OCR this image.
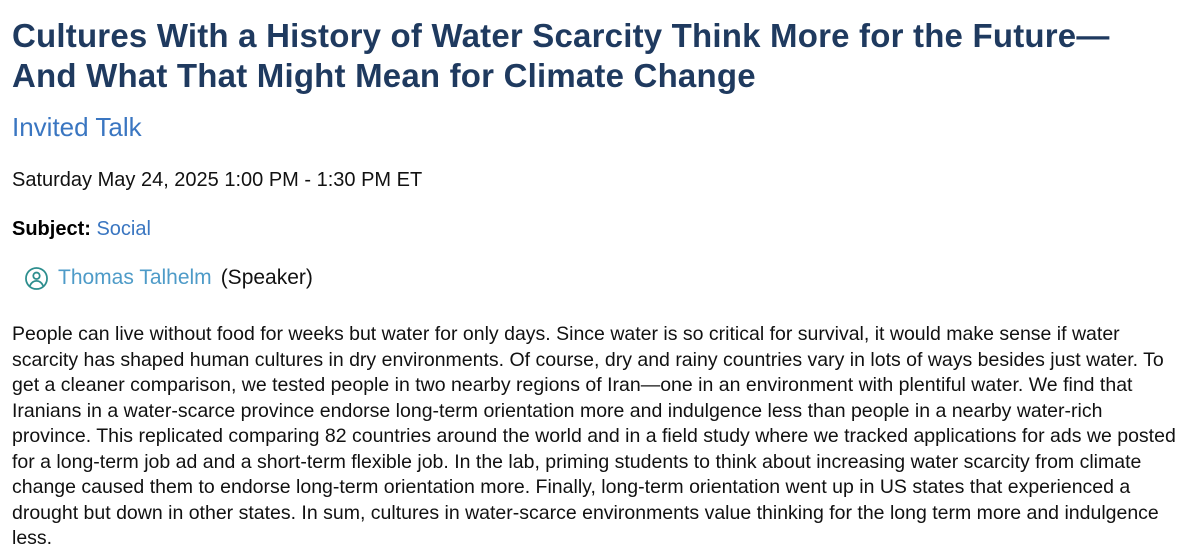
Cultures With a History of Water Scarcity Think More for the Future—And What That Might Mean for Climate Change
Invited Talk
Saturday May 24, 2025 1:00 PM - 1:30 PM ET
Subject: Social
Thomas Talhelm (Speaker)
People can live without food for weeks but water for only days. Since water is so critical for survival, it would make sense if water scarcity has shaped human cultures in dry environments. Of course, dry and rainy countries vary in lots of ways besides just water. To get a cleaner comparison, we tested people in two nearby regions of Iran—one in an environment with plentiful water. We find that Iranians in a water-scarce province endorse long-term orientation more and indulgence less than people in a nearby water-rich province. This replicated comparing 82 countries around the world and in a field study where we tracked applications for ads we posted for a long-term job ad and a short-term flexible job. In the lab, priming students to think about increasing water scarcity from climate change caused them to endorse long-term orientation more. Finally, long-term orientation went up in US states that experienced a drought but down in other states. In sum, cultures in water-scarce environments value thinking for the long term more and indulgence less.
